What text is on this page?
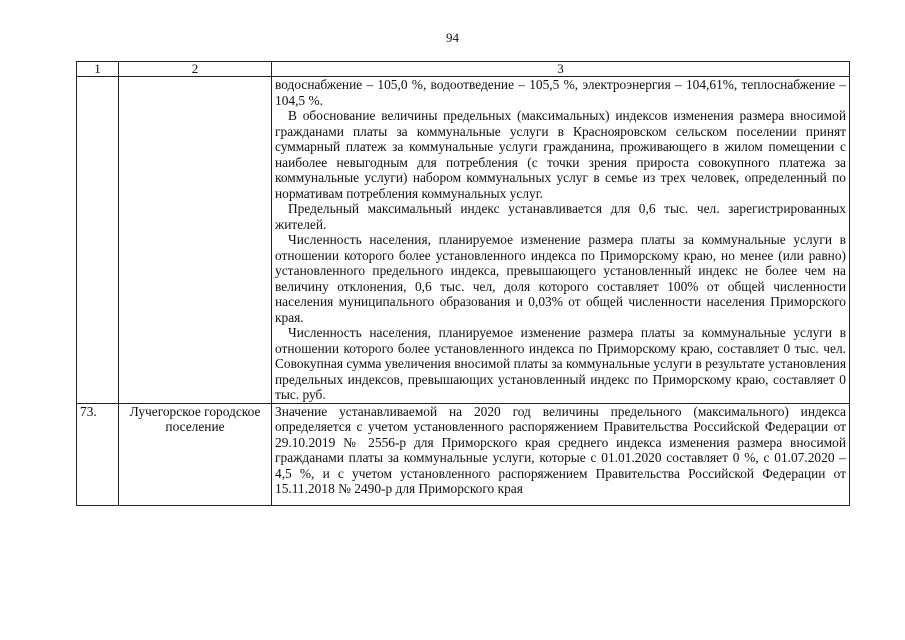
94
1	2	3

		водоснабжение – 105,0 %, водоотведение – 105,5 %, электроэнергия – 104,61%, теплоснабжение – 104,5 %.
В обоснование величины предельных (максимальных) индексов изменения размера вносимой гражданами платы за коммунальные услуги в Краснояровском сельском поселении принят суммарный платеж за коммунальные услуги гражданина, проживающего в жилом помещении с наиболее невыгодным для потребления (с точки зрения прироста совокупного платежа за коммунальные услуги) набором коммунальных услуг в семье из трех человек, определенный по нормативам потребления коммунальных услуг.
Предельный максимальный индекс устанавливается для 0,6 тыс. чел. зарегистрированных жителей.
Численность населения, планируемое изменение размера платы за коммунальные услуги в отношении которого более установленного индекса по Приморскому краю, но менее (или равно) установленного предельного индекса, превышающего установленный индекс не более чем на величину отклонения, 0,6 тыс. чел, доля которого составляет 100% от общей численности населения муниципального образования и 0,03% от общей численности населения Приморского края.
Численность населения, планируемое изменение размера платы за коммунальные услуги в отношении которого более установленного индекса по Приморскому краю, составляет 0 тыс. чел. Совокупная сумма увеличения вносимой платы за коммунальные услуги в результате установления предельных индексов, превышающих установленный индекс по Приморскому краю, составляет 0 тыс. руб.

73.	Лучегорское городское поселение	Значение устанавливаемой на 2020 год величины предельного (максимального) индекса определяется с учетом установленного распоряжением Правительства Российской Федерации от 29.10.2019 № 2556-р для Приморского края среднего индекса изменения размера вносимой гражданами платы за коммунальные услуги, которые с 01.01.2020 составляет 0 %, с 01.07.2020 – 4,5 %, и с учетом установленного распоряжением Правительства Российской Федерации от 15.11.2018 № 2490-р для Приморского края
